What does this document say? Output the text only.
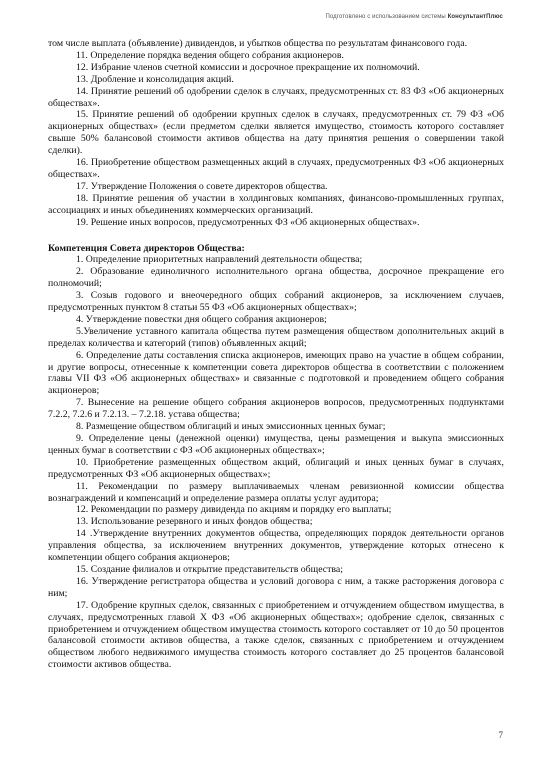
Подготовлено с использованием системы КонсультантПлюс

том числе выплата (объявление) дивидендов, и убытков общества по результатам финансового года.

11. Определение порядка ведения общего собрания акционеров.

12. Избрание членов счетной комиссии и досрочное прекращение их полномочий.

13. Дробление и консолидация акций.

14. Принятие решений об одобрении сделок в случаях, предусмотренных ст. 83 ФЗ «Об акционерных обществах».

15. Принятие решений об одобрении крупных сделок в случаях, предусмотренных ст. 79 ФЗ «Об акционерных обществах» (если предметом сделки является имущество, стоимость которого составляет свыше 50% балансовой стоимости активов общества на дату принятия решения о совершении такой сделки).

16. Приобретение обществом размещенных акций в случаях, предусмотренных ФЗ «Об акционерных обществах».

17. Утверждение Положения о совете директоров общества.

18. Принятие решения об участии в холдинговых компаниях, финансово-промышленных группах, ассоциациях и иных объединениях коммерческих организаций.

19. Решение иных вопросов, предусмотренных ФЗ «Об акционерных обществах».

Компетенция Совета директоров Общества:

1. Определение приоритетных направлений деятельности общества;

2. Образование единоличного исполнительного органа общества, досрочное прекращение его полномочий;

3. Созыв годового и внеочередного общих собраний акционеров, за исключением случаев, предусмотренных пунктом 8 статьи 55 ФЗ «Об акционерных обществах»;

4. Утверждение повестки дня общего собрания акционеров;

5.Увеличение уставного капитала общества путем размещения обществом дополнительных акций в пределах количества и категорий (типов) объявленных акций;

6. Определение даты составления списка акционеров, имеющих право на участие в общем собрании, и другие вопросы, отнесенные к компетенции совета директоров общества в соответствии с положением главы VII ФЗ «Об акционерных обществах» и связанные с подготовкой и проведением общего собрания акционеров;

7. Вынесение на решение общего собрания акционеров вопросов, предусмотренных подпунктами 7.2.2, 7.2.6 и 7.2.13. – 7.2.18. устава общества;

8. Размещение обществом облигаций и иных эмиссионных ценных бумаг;

9. Определение цены (денежной оценки) имущества, цены размещения и выкупа эмиссионных ценных бумаг в соответствии с ФЗ «Об акционерных обществах»;

10. Приобретение размещенных обществом акций, облигаций и иных ценных бумаг в случаях, предусмотренных ФЗ «Об акционерных обществах»;

11. Рекомендации по размеру выплачиваемых членам ревизионной комиссии общества вознаграждений и компенсаций и определение размера оплаты услуг аудитора;

12. Рекомендации по размеру дивиденда по акциям и порядку его выплаты;

13. Использование резервного и иных фондов общества;

14 .Утверждение внутренних документов общества, определяющих порядок деятельности органов управления общества, за исключением внутренних документов, утверждение которых отнесено к компетенции общего собрания акционеров;

15. Создание филиалов и открытие представительств общества;

16. Утверждение регистратора общества и условий договора с ним, а также расторжения договора с ним;

17. Одобрение крупных сделок, связанных с приобретением и отчуждением обществом имущества, в случаях, предусмотренных главой X ФЗ «Об акционерных обществах»; одобрение сделок, связанных с приобретением и отчуждением обществом имущества стоимость которого составляет от 10 до 50 процентов балансовой стоимости активов общества, а также сделок, связанных с приобретением и отчуждением обществом любого недвижимого имущества стоимость которого составляет до 25 процентов балансовой стоимости активов общества.

7
